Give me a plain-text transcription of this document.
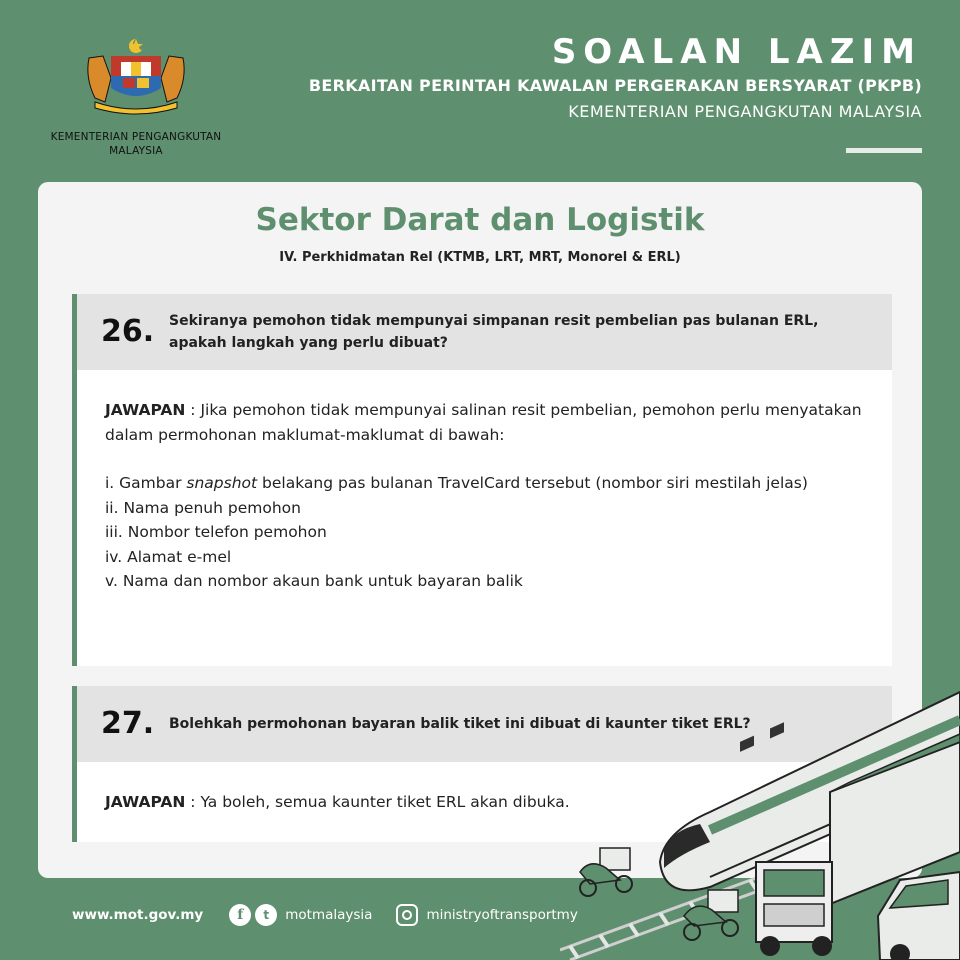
KEMENTERIAN PENGANGKUTAN
MALAYSIA
SOALAN LAZIM
BERKAITAN PERINTAH KAWALAN PERGERAKAN BERSYARAT (PKPB)
KEMENTERIAN PENGANGKUTAN MALAYSIA
Sektor Darat dan Logistik
IV. Perkhidmatan Rel (KTMB, LRT, MRT, Monorel & ERL)
26. Sekiranya pemohon tidak mempunyai simpanan resit pembelian pas bulanan ERL,
apakah langkah yang perlu dibuat?
JAWAPAN : Jika pemohon tidak mempunyai salinan resit pembelian, pemohon perlu menyatakan dalam permohonan maklumat-maklumat di bawah:
i. Gambar snapshot belakang pas bulanan TravelCard tersebut (nombor siri mestilah jelas)
ii. Nama penuh pemohon
iii. Nombor telefon pemohon
iv. Alamat e-mel
v. Nama dan nombor akaun bank untuk bayaran balik
27. Bolehkah permohonan bayaran balik tiket ini dibuat di kaunter tiket ERL?
JAWAPAN : Ya boleh, semua kaunter tiket ERL akan dibuka.
www.mot.gov.my	f	t	motmalaysia	ministryoftransportmy
